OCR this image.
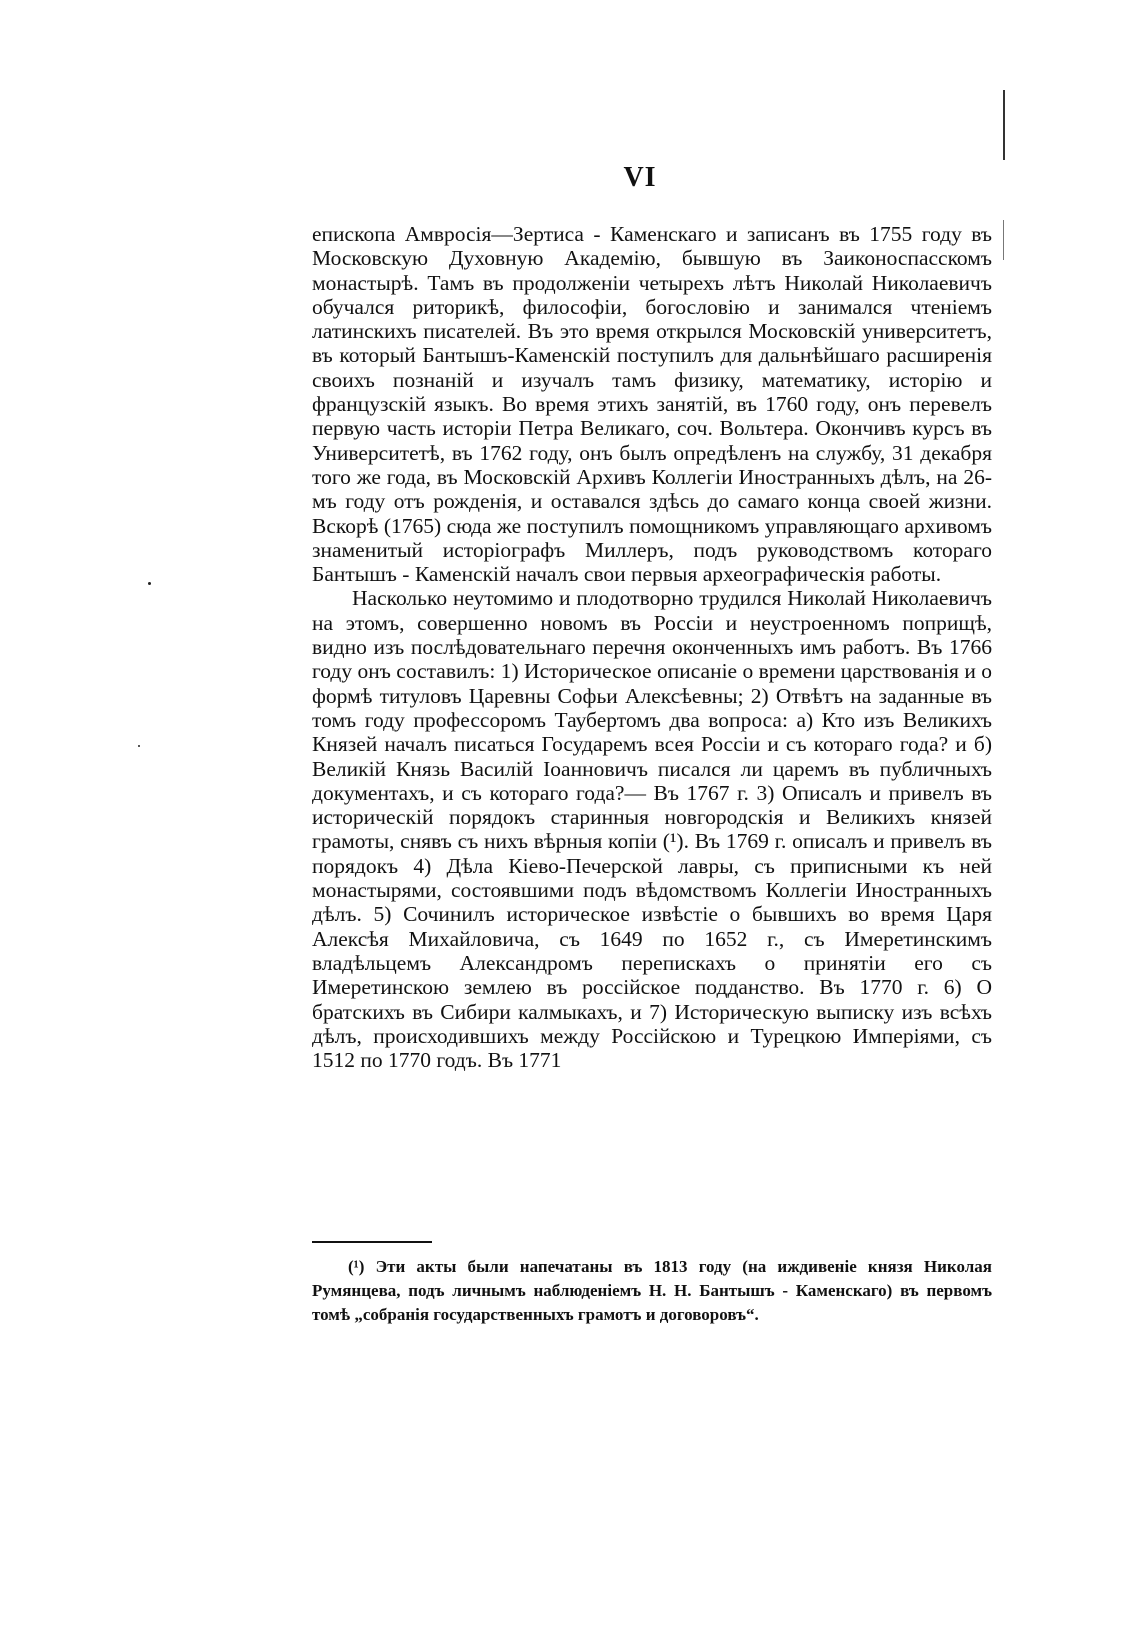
VI

епископа Амвросія—Зертиса - Каменскаго и записанъ въ 1755 году въ Московскую Духовную Академію, бывшую въ Заиконоспасскомъ монастырѣ. Тамъ въ продолженіи четырехъ лѣтъ Николай Николаевичъ обучался риторикѣ, философіи, богословію и занимался чтеніемъ латинскихъ писателей. Въ это время открылся Московскій университетъ, въ который Бантышъ-Каменскій поступилъ для дальнѣйшаго расширенія своихъ познаній и изучалъ тамъ физику, математику, исторію и французскій языкъ. Во время этихъ занятій, въ 1760 году, онъ перевелъ первую часть исторіи Петра Великаго, соч. Вольтера. Окончивъ курсъ въ Университетѣ, въ 1762 году, онъ былъ опредѣленъ на службу, 31 декабря того же года, въ Московскій Архивъ Коллегіи Иностранныхъ дѣлъ, на 26-мъ году отъ рожденія, и оставался здѣсь до самаго конца своей жизни. Вскорѣ (1765) сюда же поступилъ помощникомъ управляющаго архивомъ знаменитый исторіографъ Миллеръ, подъ руководствомъ котораго Бантышъ - Каменскій началъ свои первыя археографическія работы.

Насколько неутомимо и плодотворно трудился Николай Николаевичъ на этомъ, совершенно новомъ въ Россіи и неустроенномъ поприщѣ, видно изъ послѣдовательнаго перечня оконченныхъ имъ работъ. Въ 1766 году онъ составилъ: 1) Историческое описаніе о времени царствованія и о формѣ титуловъ Царевны Софьи Алексѣевны; 2) Отвѣтъ на заданные въ томъ году профессоромъ Таубертомъ два вопроса: а) Кто изъ Великихъ Князей началъ писаться Государемъ всея Россіи и съ котораго года? и б) Великій Князь Василій Іоанновичъ писался ли царемъ въ публичныхъ документахъ, и съ котораго года?— Въ 1767 г. 3) Описалъ и привелъ въ историческій порядокъ старинныя новгородскія и Великихъ князей грамоты, снявъ съ нихъ вѣрныя копіи (¹). Въ 1769 г. описалъ и привелъ въ порядокъ 4) Дѣла Кіево-Печерской лавры, съ приписными къ ней монастырями, состоявшими подъ вѣдомствомъ Коллегіи Иностранныхъ дѣлъ. 5) Сочинилъ историческое извѣстіе о бывшихъ во время Царя Алексѣя Михайловича, съ 1649 по 1652 г., съ Имеретинскимъ владѣльцемъ Александромъ перепискахъ о принятіи его съ Имеретинскою землею въ россійское подданство. Въ 1770 г. 6) О братскихъ въ Сибири калмыкахъ, и 7) Историческую выписку изъ всѣхъ дѣлъ, происходившихъ между Россійскою и Турецкою Имперіями, съ 1512 по 1770 годъ. Въ 1771

(¹) Эти акты были напечатаны въ 1813 году (на иждивеніе князя Николая Румянцева, подъ личнымъ наблюденіемъ Н. Н. Бантышъ - Каменскаго) въ первомъ томѣ „собранія государственныхъ грамотъ и договоровъ“.
